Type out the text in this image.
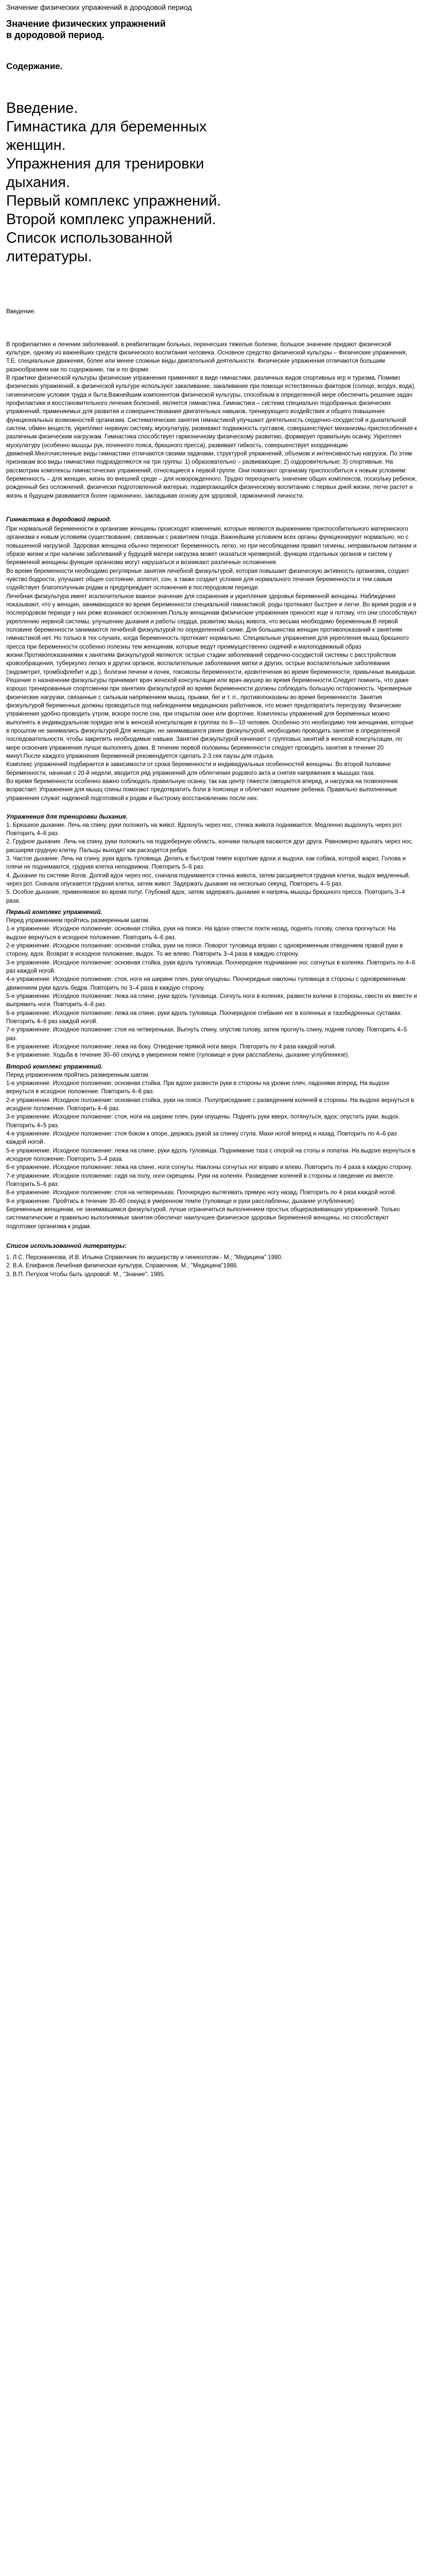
Значение физических упражнений в дородовой период
Значение физических упражнений
в дородовой период.
Содержание.
Введение.
Гимнастика для беременных
женщин.
Упражнения для тренировки
дыхания.
Первый комплекс упражнений.
Второй комплекс упражнений.
Список использованной
литературы.
Введение.

В профилактике и лечении заболеваний, в реабилитации больных, перенесших тяжелые болезни, большое значение придают физической культуре, одному из важнейших средств физического воспитания человека. Основное средство физической культуры – Физические упражнения, Т.Е. специальные движения, более или менее сложные виды двигательной деятельности. Физические упражнения отличаются большим разнообразием как по содержанию, так и по форме.

В практике физической культуры физические упражнения применяют в виде гимнастики, различных видов спортивных игр и туризма. Помимо физических упражнений, в физической культуре используют закаливание, закаливание при помощи естественных факторов (солнце, воздух, вода), гигиенические условия труда и быта.Важнейшим компонентом физической культуры, способным в определенной мере обеспечить решение задач профилактики и восстановительного лечения болезней, является гимнастика. Гимнастика – система специально подобранных физических упражнений, применяемых для развития и совершенствования двигательных навыков, тренирующего воздействия и общего повышения функциональных возможностей организма. Систематические занятия гимнастикой улучшают деятельность сердечно-сосудистой и дыхательной систем, обмен веществ, укрепляют нервную систему, мускулатуру, развивают подвижность суставов, совершенствуют механизмы приспособления к различным физическим нагрузкам. Гимнастика способствует гармоничному физическому развитию, формирует правильную осанку. Укрепляет мускулатуру (особенно мышцы рук, починного пояса, брюшного пресса), развивает гибкость, совершенствует координацию движений.Многочисленные виды гимнастики отличаются своими задачами, структурой упражнений, объемом и интенсивностью нагрузок. По этим признакам все виды гимнастики подразделяются на три группы: 1) образовательно – развивающие; 2) оздоровительные; 3) спортивные. На рассмотрим комплексы гимнастических упражнений, относящиеся к первой группе. Они помогают организму приспособиться к новым условиям: беременность – для женщин, жизнь во внешней среде – для новорожденного. Трудно переоценить значение общих комплексов, поскольку ребенок, рожденный без осложнений, физически подготовленной матерью, подвергающийся физическому воспитанию с первых дней жизни, легче растет и жизнь в будущем развивается более гармонично, закладывая основу для здоровой, гармоничной личности.

Гимнастика в дородовой период.

При нормальной беременности в организме женщины происходят изменения, которые являются выражением приспособительного материнского организма к новым условиям существования, связанным с развитием плода. Важнейшим условием всех органы функционируют нормально, но с повышенной нагрузкой. Здоровая женщина обычно переносит беременность легко, но при несоблюдении правил гигиены, неправильном питании и образе жизни и при наличии заболеваний у будущей матери нагрузка может оказаться чрезмерной, функции отдельных органов и систем у беременной женщины функция организма могут нарушаться и возникают различные осложнения.

Во время беременности необходимо регулярные занятия лечебной физкультурой, которая повышает физическую активность организма, создает чувство бодрости, улучшает общее состояние, аппетит, сон, а также создает условия для нормального течения беременности и тем самым содействует благополучным родам и предупреждает осложнения в послеродовом периоде.

Лечебная физкультура имеет исключительное важное значение для сохранения и укрепления здоровья беременной женщины. Наблюдения показывают, что у женщин, занимающихся во время беременности специальной гимнастикой, роды протекают быстрее и легче. Во время родов и в послеродовом периоде у них реже возникают осложнения.Пользу женщинам физические упражнения приносят еще и потому, что они способствуют укреплению нервной системы, улучшению дыхания и работы сердца, развитию мышц живота, что весьма необходимо беременным.В первой половине беременности занимаются лечебной физкультурой по определенной схеме. Для большинства женщин противопоказаний к занятиям гимнастикой нет. Но только в тех случаях, когда беременность протекает нормально. Специальные упражнения для укрепления мышц брюшного пресса при беременности особенно полезны тем женщинам, которые ведут преимущественно сидячий и малоподвижный образ жизни.Противопоказаниями к занятиям физкультурой являются: острые стадии заболеваний сердечно-сосудистой системы с расстройством кровообращения, туберкулез легких и других органов, воспалительные заболевания матки и других, острые воспалительные заболевания (эндометрит, тромбофлебит и др.), болезни печени и почек, токсикозы беременности, кровотечения во время беременности, привычные выкидыши. Решение о назначении физкультуры принимает врач женской консультации или врач-акушер во время беременности.Следует помнить, что даже хорошо тренированные спортсменки при занятиях физкультурой во время беременности должны соблюдать большую осторожность. Чрезмерные физические нагрузки, связанные с сильным напряжением мышц, прыжки, бег и т. п., противопоказаны во время беременности. Занятия физкультурой беременных должны проводиться под наблюдением медицинских работников, что может предотвратить перегрузку. Физические упражнения удобно проводить утром, вскоре после сна, при открытом окне или форточке. Комплексы упражнений для беременных можно выполнять в индивидуальном порядке или в женской консультации в группах по 8—10 человек. Особенно это необходимо тем женщинам, которые в прошлом не занимались физкультурой.Для женщин, не занимавшихся ранее физкультурой, необходимо проводить занятие в определенной последовательности, чтобы закрепить необходимые навыки. Занятия физкультурой начинают с групповых занятий в женской консультации, по мере освоения упражнения лучше выполнять дома. В течение первой половины беременности следует проводить занятия в течение 20 минут.После каждого упражнения беременной рекомендуется сделать 2-3 сек паузы для отдыха.

Комплекс упражнений подбирается в зависимости от срока беременности и индивидуальных особенностей женщины. Во второй половине беременности, начиная с 20-й недели, вводится ряд упражнений для облегчения родового акта и снятия напряжения в мышцах таза.

Во время беременности особенно важно соблюдать правильную осанку, так как центр тяжести смещается вперед, и нагрузка на позвоночник возрастает. Упражнения для мышц спины помогают предотвратить боли в пояснице и облегчают ношение ребенка. Правильно выполненные упражнения служат надежной подготовкой к родам и быстрому восстановлению после них.

Упражнения для тренировки дыхания.

1. Брюшное дыхание. Лечь на спину, руки положить на живот. Вдохнуть через нос, стенка живота поднимается. Медленно выдохнуть через рот. Повторить 4–6 раз.

2. Грудное дыхание. Лечь на спину, руки положить на подреберную область, кончики пальцев касаются друг друга. Равномерно вдыхать через нос, расширяя грудную клетку. Пальцы выходят как расходятся ребра.

3. Частое дыхание. Лечь на спину, руки вдоль туловища. Делать в быстром темпе короткие вдохи и выдохи, как собака, которой жарко. Голова и плечи не поднимаются, грудная клетка неподвижна. Повторить 5–6 раз.

4. Дыхание по системе йогов. Долгий вдох через нос, сначала поднимается стенка живота, затем расширяется грудная клетка, выдох медленный, через рот. Сначала опускается грудная клетка, затем живот. Задержать дыхание на несколько секунд. Повторить 4–5 раз.

5. Особое дыхание, применяемое во время потуг. Глубокий вдох, затем задержать дыхание и напрячь мышцы брюшного пресса. Повторить 3–4 раза.

Первый комплекс упражнений.

Перед упражнением пройтись размеренным шагом.

1-е упражнение. Исходное положение: основная стойка, руки на поясе. На вдохе отвести локти назад, поднять голову, слегка прогнуться. На выдохе вернуться в исходное положение. Повторить 4–6 раз.

2-е упражнение. Исходное положение: основная стойка, руки на поясе. Поворот туловища вправо с одновременным отведением правой руки в сторону, вдох. Возврат в исходное положение, выдох. То же влево. Повторить 3–4 раза в каждую сторону.

3-е упражнение. Исходное положение: основная стойка, руки вдоль туловища. Поочередное поднимание ног, согнутых в коленях. Повторить по 4–6 раз каждой ногой.

4-е упражнение. Исходное положение: стоя, ноги на ширине плеч, руки опущены. Поочередные наклоны туловища в стороны с одновременным движением руки вдоль бедра. Повторить по 3–4 раза в каждую сторону.

5-е упражнение. Исходное положение: лежа на спине, руки вдоль туловища. Согнуть ноги в коленях, развести колени в стороны, свести их вместе и выпрямить ноги. Повторить 4–6 раз.

6-е упражнение. Исходное положение: лежа на спине, руки вдоль туловища. Поочередное сгибание ног в коленных и тазобедренных суставах. Повторить 4–6 раз каждой ногой.

7-е упражнение. Исходное положение: стоя на четвереньках. Выгнуть спину, опустив голову, затем прогнуть спину, подняв голову. Повторить 4–5 раз.

8-е упражнение. Исходное положение: лежа на боку. Отведение прямой ноги вверх. Повторить по 4 раза каждой ногой.

9-е упражнение. Ходьба в течение 30–60 секунд в умеренном темпе (туловище и руки расслаблены, дыхание углубленное).

Второй комплекс упражнений.

Перед упражнением пройтись размеренным шагом.

1-е упражнение. Исходное положение: основная стойка. При вдохе развести руки в стороны на уровне плеч, ладонями вперед. На выдохе вернуться в исходное положение. Повторить 4–6 раз.

2-е упражнение. Исходное положение: основная стойка, руки на поясе. Полуприседание с разведением коленей в стороны. На выдохе вернуться в исходное положение. Повторить 4–6 раз.

3-е упражнение. Исходное положение: стоя, ноги на ширине плеч, руки опущены. Поднять руки вверх, потянуться, вдох; опустить руки, выдох. Повторить 4–5 раз.

4-е упражнение. Исходное положение: стоя боком к опоре, держась рукой за спинку стула. Махи ногой вперед и назад. Повторить по 4–6 раз каждой ногой.

5-е упражнение. Исходное положение: лежа на спине, руки вдоль туловища. Поднимание таза с опорой на стопы и лопатки. На выдохе вернуться в исходное положение. Повторить 3–4 раза.

6-е упражнение. Исходное положение: лежа на спине, ноги согнуты. Наклоны согнутых ног вправо и влево. Повторить по 4 раза в каждую сторону.

7-е упражнение. Исходное положение: сидя на полу, ноги скрещены. Руки на коленях. Разведение коленей в стороны и сведение их вместе. Повторить 5–6 раз.

8-е упражнение. Исходное положение: стоя на четвереньках. Поочередно вытягивать прямую ногу назад. Повторить по 4 раза каждой ногой.

9-е упражнение. Пройтись в течение 30–60 секунд в умеренном темпе (туловище и руки расслаблены, дыхание углубленное).

Беременным женщинам, не занимавшимся физкультурой, лучше ограничиться выполнением простых общеразвивающих упражнений. Только систематические и правильно выполняемые занятия обеспечат наилучшее физическое здоровье беременной женщины, но способствуют подготовке организма к родам.

Список использованной литературы:

1. Л.С. Персианинова, И.В. Ильина Справочник по акушерству и гинекологии.- М.; "Медицина" 1980.

2. В.А. Епифанов Лечебная физическая культура, Справочник. М.; "Медицина"1988.

3. В.П. Петухов Чтобы быть здоровой. М., "Знание", 1985.
